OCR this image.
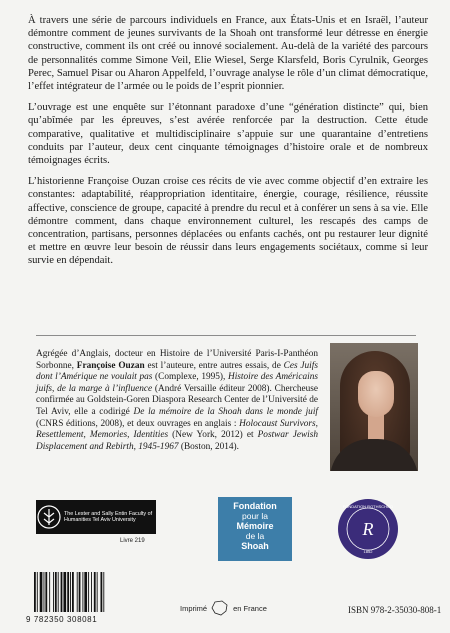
À travers une série de parcours individuels en France, aux États-Unis et en Israël, l’auteur démontre comment de jeunes survivants de la Shoah ont transformé leur détresse en énergie constructive, comment ils ont créé ou innové socialement. Au-delà de la variété des parcours de personnalités comme Simone Veil, Elie Wiesel, Serge Klarsfeld, Boris Cyrulnik, Georges Perec, Samuel Pisar ou Aharon Appelfeld, l’ouvrage analyse le rôle d’un climat démocratique, l’effet intégrateur de l’armée ou le poids de l’esprit pionnier.

L’ouvrage est une enquête sur l’étonnant paradoxe d’une “génération distincte” qui, bien qu’abîmée par les épreuves, s’est avérée renforcée par la destruction. Cette étude comparative, qualitative et multidisciplinaire s’appuie sur une quarantaine d’entretiens conduits par l’auteur, deux cent cinquante témoignages d’histoire orale et de nombreux témoignages écrits.

L’historienne Françoise Ouzan croise ces récits de vie avec comme objectif d’en extraire les constantes: adaptabilité, réappropriation identitaire, énergie, courage, résilience, réussite affective, conscience de groupe, capacité à prendre du recul et à conférer un sens à sa vie. Elle démontre comment, dans chaque environnement culturel, les rescapés des camps de concentration, partisans, personnes déplacées ou enfants cachés, ont pu restaurer leur dignité et mettre en œuvre leur besoin de réussir dans leurs engagements sociétaux, comme si leur survie en dépendait.

Agrégée d’Anglais, docteur en Histoire de l’Université Paris-I-Panthéon Sorbonne, Françoise Ouzan est l’auteure, entre autres essais, de Ces Juifs dont l’Amérique ne voulait pas (Complexe, 1995), Histoire des Américains juifs, de la marge à l’influence (André Versaille éditeur 2008). Chercheuse confirmée au Goldstein-Goren Diaspora Research Center de l’Université de Tel Aviv, elle a codirigé De la mémoire de la Shoah dans le monde juif (CNRS éditions, 2008), et deux ouvrages en anglais : Holocaust Survivors, Resettlement, Memories, Identities (New York, 2012) et Postwar Jewish Displacement and Rebirth, 1945-1967 (Boston, 2014).
The Lester and Sally Entin Faculty of Humanities Tel Aviv University
Livre 219
Fondation
pour la
Mémoire
de la
Shoah
R
FONDATION ROTHSCHILD
1852
9 782350 308081
Imprimé	en France	ISBN 978-2-35030-808-1
